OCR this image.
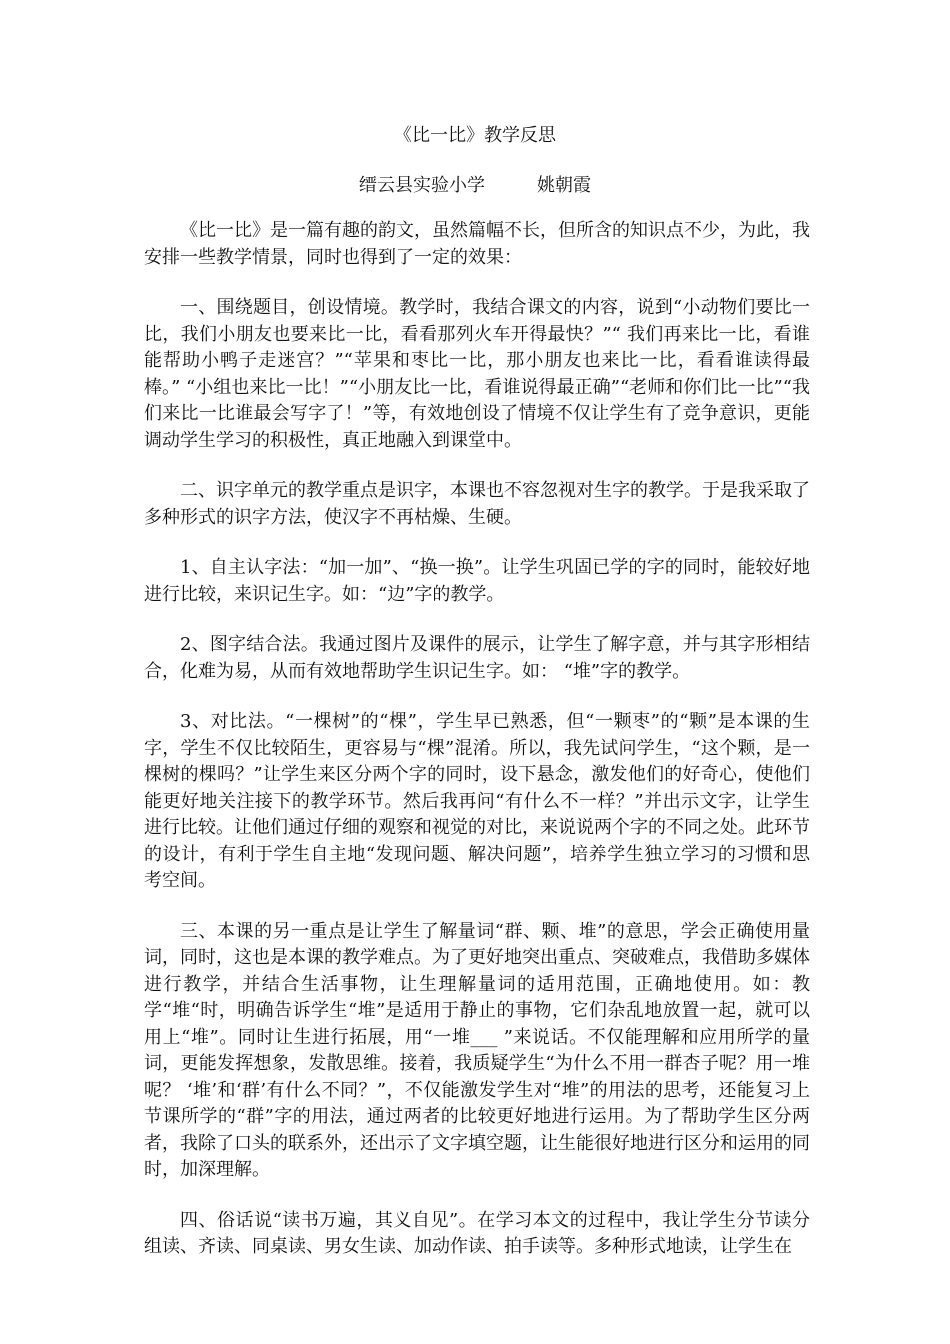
《比一比》教学反思
缙云县实验小学	姚朝霞

《比一比》是一篇有趣的韵文，虽然篇幅不长，但所含的知识点不少，为此，我安排一些教学情景，同时也得到了一定的效果：

一、围绕题目，创设情境。教学时，我结合课文的内容，说到“小动物们要比一比，我们小朋友也要来比一比，看看那列火车开得最快？”“ 我们再来比一比，看谁能帮助小鸭子走迷宫？”“苹果和枣比一比，那小朋友也来比一比，看看谁读得最棒。” “小组也来比一比！”“小朋友比一比，看谁说得最正确”“老师和你们比一比”“我们来比一比谁最会写字了！”等，有效地创设了情境不仅让学生有了竞争意识，更能调动学生学习的积极性，真正地融入到课堂中。

二、识字单元的教学重点是识字，本课也不容忽视对生字的教学。于是我采取了多种形式的识字方法，使汉字不再枯燥、生硬。

1、自主认字法：“加一加”、“换一换”。让学生巩固已学的字的同时，能较好地进行比较，来识记生字。如：“边”字的教学。

2、图字结合法。我通过图片及课件的展示，让学生了解字意，并与其字形相结合，化难为易，从而有效地帮助学生识记生字。如： “堆”字的教学。

3、对比法。“一棵树”的“棵”，学生早已熟悉，但“一颗枣”的“颗”是本课的生字，学生不仅比较陌生，更容易与“棵”混淆。所以，我先试问学生，“这个颗，是一棵树的棵吗？”让学生来区分两个字的同时，设下悬念，激发他们的好奇心，使他们能更好地关注接下的教学环节。然后我再问“有什么不一样？”并出示文字，让学生进行比较。让他们通过仔细的观察和视觉的对比，来说说两个字的不同之处。此环节的设计，有利于学生自主地“发现问题、解决问题”，培养学生独立学习的习惯和思考空间。

三、本课的另一重点是让学生了解量词“群、颗、堆”的意思，学会正确使用量词，同时，这也是本课的教学难点。为了更好地突出重点、突破难点，我借助多媒体进行教学，并结合生活事物，让生理解量词的适用范围，正确地使用。如：教学“堆“时，明确告诉学生“堆”是适用于静止的事物，它们杂乱地放置一起，就可以用上“堆”。同时让生进行拓展，用“一堆___ ”来说话。不仅能理解和应用所学的量词，更能发挥想象，发散思维。接着，我质疑学生“为什么不用一群杏子呢？用一堆呢？ ‘堆’和‘群’有什么不同？”，不仅能激发学生对“堆”的用法的思考，还能复习上节课所学的“群”字的用法，通过两者的比较更好地进行运用。为了帮助学生区分两者，我除了口头的联系外，还出示了文字填空题，让生能很好地进行区分和运用的同时，加深理解。

四、俗话说“读书万遍，其义自见”。在学习本文的过程中，我让学生分节读分组读、齐读、同桌读、男女生读、加动作读、拍手读等。多种形式地读，让学生在
